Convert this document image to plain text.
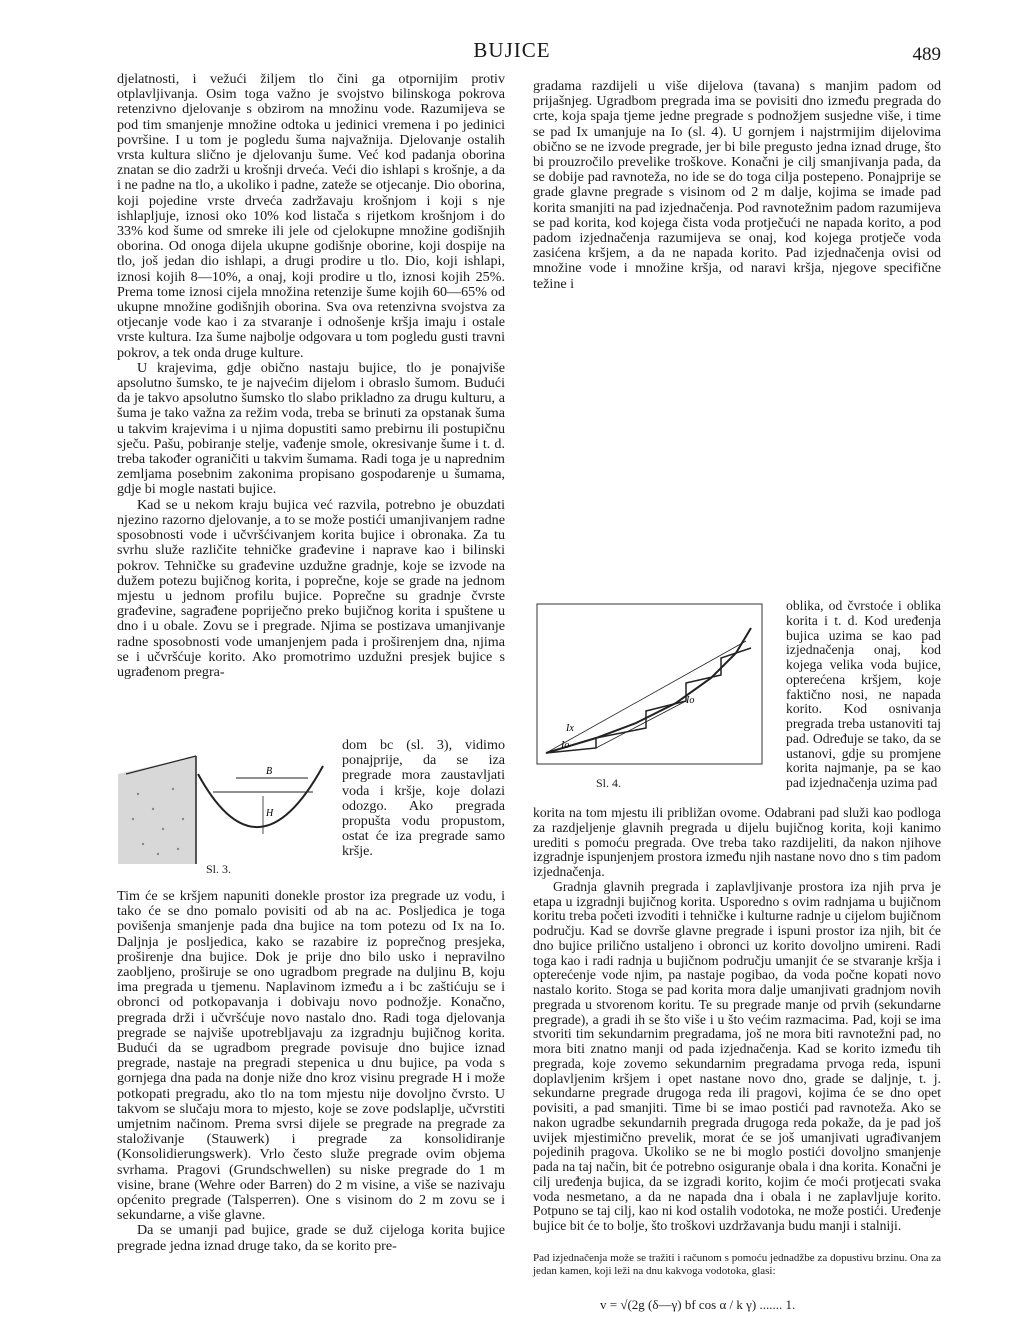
BUJICE	489

djelatnosti, i vežući žiljem tlo čini ga otpornijim protiv otplavljivanja. Osim toga važno je svojstvo bilinskoga pokrova retenzivno djelovanje s obzirom na množinu vode. Razumijeva se pod tim smanjenje množine odtoka u jedinici vremena i po jedinici površine. I u tom je pogledu šuma najvažnija. Djelovanje ostalih vrsta kultura slično je djelovanju šume. Već kod padanja oborina znatan se dio zadrži u krošnji drveća. Veći dio ishlapi s krošnje, a da i ne padne na tlo, a ukoliko i padne, zateže se otjecanje. Dio oborina, koji pojedine vrste drveća zadržavaju krošnjom i koji s nje ishlapljuje, iznosi oko 10% kod listača s rijetkom krošnjom i do 33% kod šume od smreke ili jele od cjelokupne množine godišnjih oborina. Od onoga dijela ukupne godišnje oborine, koji dospije na tlo, još jedan dio ishlapi, a drugi prodire u tlo. Dio, koji ishlapi, iznosi kojih 8—10%, a onaj, koji prodire u tlo, iznosi kojih 25%. Prema tome iznosi cijela množina retenzije šume kojih 60—65% od ukupne množine godišnjih oborina. Sva ova retenzivna svojstva za otjecanje vode kao i za stvaranje i odnošenje kršja imaju i ostale vrste kultura. Iza šume najbolje odgovara u tom pogledu gusti travni pokrov, a tek onda druge kulture.

U krajevima, gdje obično nastaju bujice, tlo je ponajviše apsolutno šumsko, te je najvećim dijelom i obraslo šumom. Budući da je takvo apsolutno šumsko tlo slabo prikladno za drugu kulturu, a šuma je tako važna za režim voda, treba se brinuti za opstanak šuma u takvim krajevima i u njima dopustiti samo prebirnu ili postupičnu sječu. Pašu, pobiranje stelje, vađenje smole, okresivanje šume i t. d. treba također ograničiti u takvim šumama. Radi toga je u naprednim zemljama posebnim zakonima propisano gospodarenje u šumama, gdje bi mogle nastati bujice.

Kad se u nekom kraju bujica već razvila, potrebno je obuzdati njezino razorno djelovanje, a to se može postići umanjivanjem radne sposobnosti vode i učvršćivanjem korita bujice i obronaka. Za tu svrhu služe različite tehničke građevine i naprave kao i bilinski pokrov. Tehničke su građevine uzdužne gradnje, koje se izvode na dužem potezu bujičnog korita, i poprečne, koje se grade na jednom mjestu u jednom profilu bujice. Poprečne su gradnje čvrste građevine, sagrađene popriječno preko bujičnog korita i spuštene u dno i u obale. Zovu se i pregrade. Njima se postizava umanjivanje radne sposobnosti vode umanjenjem pada i proširenjem dna, njima se i učvršćuje korito. Ako promotrimo uzdužni presjek bujice s ugrađenom pregra-

B
H
Sl. 3.
dom bc (sl. 3), vidimo ponajprije, da se iza pregrade mora zaustavljati voda i kršje, koje dolazi odozgo. Ako pregrada propušta vodu propustom, ostat će iza pregrade samo kršje.

Tim će se kršjem napuniti donekle prostor iza pregrade uz vodu, i tako će se dno pomalo povisiti od ab na ac. Posljedica je toga povišenja smanjenje pada dna bujice na tom potezu od Ix na Io. Daljnja je posljedica, kako se razabire iz poprečnog presjeka, proširenje dna bujice. Dok je prije dno bilo usko i nepravilno zaobljeno, proširuje se ono ugradbom pregrade na duljinu B, koju ima pregrada u tjemenu. Naplavinom između a i bc zaštićuju se i obronci od potkopavanja i dobivaju novo podnožje. Konačno, pregrada drži i učvršćuje novo nastalo dno. Radi toga djelovanja pregrade se najviše upotrebljavaju za izgradnju bujičnog korita. Budući da se ugradbom pregrade povisuje dno bujice iznad pregrade, nastaje na pregradi stepenica u dnu bujice, pa voda s gornjega dna pada na donje niže dno kroz visinu pregrade H i može potkopati pregradu, ako tlo na tom mjestu nije dovoljno čvrsto. U takvom se slučaju mora to mjesto, koje se zove podslaplje, učvrstiti umjetnim načinom. Prema svrsi dijele se pregrade na pregrade za staloživanje (Stauwerk) i pregrade za konsolidiranje (Konsolidierungswerk). Vrlo često služe pregrade ovim objema svrhama. Pragovi (Grundschwellen) su niske pregrade do 1 m visine, brane (Wehre oder Barren) do 2 m visine, a više se nazivaju općenito pregrade (Talsperren). One s visinom do 2 m zovu se i sekundarne, a više glavne.

Da se umanji pad bujice, grade se duž cijeloga korita bujice pregrade jedna iznad druge tako, da se korito pre-

gradama razdijeli u više dijelova (tavana) s manjim padom od prijašnjeg. Ugradbom pregrada ima se povisiti dno između pregrada do crte, koja spaja tjeme jedne pregrade s podnožjem susjedne više, i time se pad Ix umanjuje na Io (sl. 4). U gornjem i najstrmijim dijelovima obično se ne izvode pregrade, jer bi bile pregusto jedna iznad druge, što bi prouzročilo prevelike troškove. Konačni je cilj smanjivanja pada, da se dobije pad ravnoteža, no ide se do toga cilja postepeno. Ponajprije se grade glavne pregrade s visinom od 2 m dalje, kojima se imade pad korita smanjiti na pad izjednačenja. Pod ravnotežnim padom razumijeva se pad korita, kod kojega čista voda protječući ne napada korito, a pod padom izjednačenja razumijeva se onaj, kod kojega protječe voda zasićena kršjem, a da ne napada korito. Pad izjednačenja ovisi od množine vode i množine kršja, od naravi kršja, njegove specifične težine i

Ix
Io
Io
Sl. 4.
oblika, od čvrstoće i oblika korita i t. d. Kod uređenja bujica uzima se kao pad izjednačenja onaj, kod kojega velika voda bujice, opterećena kršjem, koje faktično nosi, ne napada korito. Kod osnivanja pregrada treba ustanoviti taj pad. Određuje se tako, da se ustanovi, gdje su promjene korita najmanje, pa se kao pad izjednačenja uzima pad

korita na tom mjestu ili približan ovome. Odabrani pad služi kao podloga za razdjeljenje glavnih pregrada u dijelu bujičnog korita, koji kanimo urediti s pomoću pregrada. Ove treba tako razdijeliti, da nakon njihove izgradnje ispunjenjem prostora između njih nastane novo dno s tim padom izjednačenja.

Gradnja glavnih pregrada i zaplavljivanje prostora iza njih prva je etapa u izgradnji bujičnog korita. Usporedno s ovim radnjama u bujičnom koritu treba početi izvoditi i tehničke i kulturne radnje u cijelom bujičnom području. Kad se dovrše glavne pregrade i ispuni prostor iza njih, bit će dno bujice prilično ustaljeno i obronci uz korito dovoljno umireni. Radi toga kao i radi radnja u bujičnom području umanjit će se stvaranje kršja i opterećenje vode njim, pa nastaje pogibao, da voda počne kopati novo nastalo korito. Stoga se pad korita mora dalje umanjivati gradnjom novih pregrada u stvorenom koritu. Te su pregrade manje od prvih (sekundarne pregrade), a gradi ih se što više i u što većim razmacima. Pad, koji se ima stvoriti tim sekundarnim pregradama, još ne mora biti ravnotežni pad, no mora biti znatno manji od pada izjednačenja. Kad se korito između tih pregrada, koje zovemo sekundarnim pregradama prvoga reda, ispuni doplavljenim kršjem i opet nastane novo dno, grade se daljnje, t. j. sekundarne pregrade drugoga reda ili pragovi, kojima će se dno opet povisiti, a pad smanjiti. Time bi se imao postići pad ravnoteža. Ako se nakon ugradbe sekundarnih pregrada drugoga reda pokaže, da je pad još uvijek mjestimično prevelik, morat će se još umanjivati ugrađivanjem pojedinih pragova. Ukoliko se ne bi moglo postići dovoljno smanjenje pada na taj način, bit će potrebno osiguranje obala i dna korita. Konačni je cilj uređenja bujica, da se izgradi korito, kojim će moći protjecati svaka voda nesmetano, a da ne napada dna i obala i ne zaplavljuje korito. Potpuno se taj cilj, kao ni kod ostalih vodotoka, ne može postići. Uređenje bujice bit će to bolje, što troškovi uzdržavanja budu manji i stalniji.

Pad izjednačenja može se tražiti i računom s pomoću jednadžbe za dopustivu brzinu. Ona za jedan kamen, koji leži na dnu kakvoga vodotoka, glasi:
v = √(2g (δ—γ) bf cos α / k γ) ....... 1.
